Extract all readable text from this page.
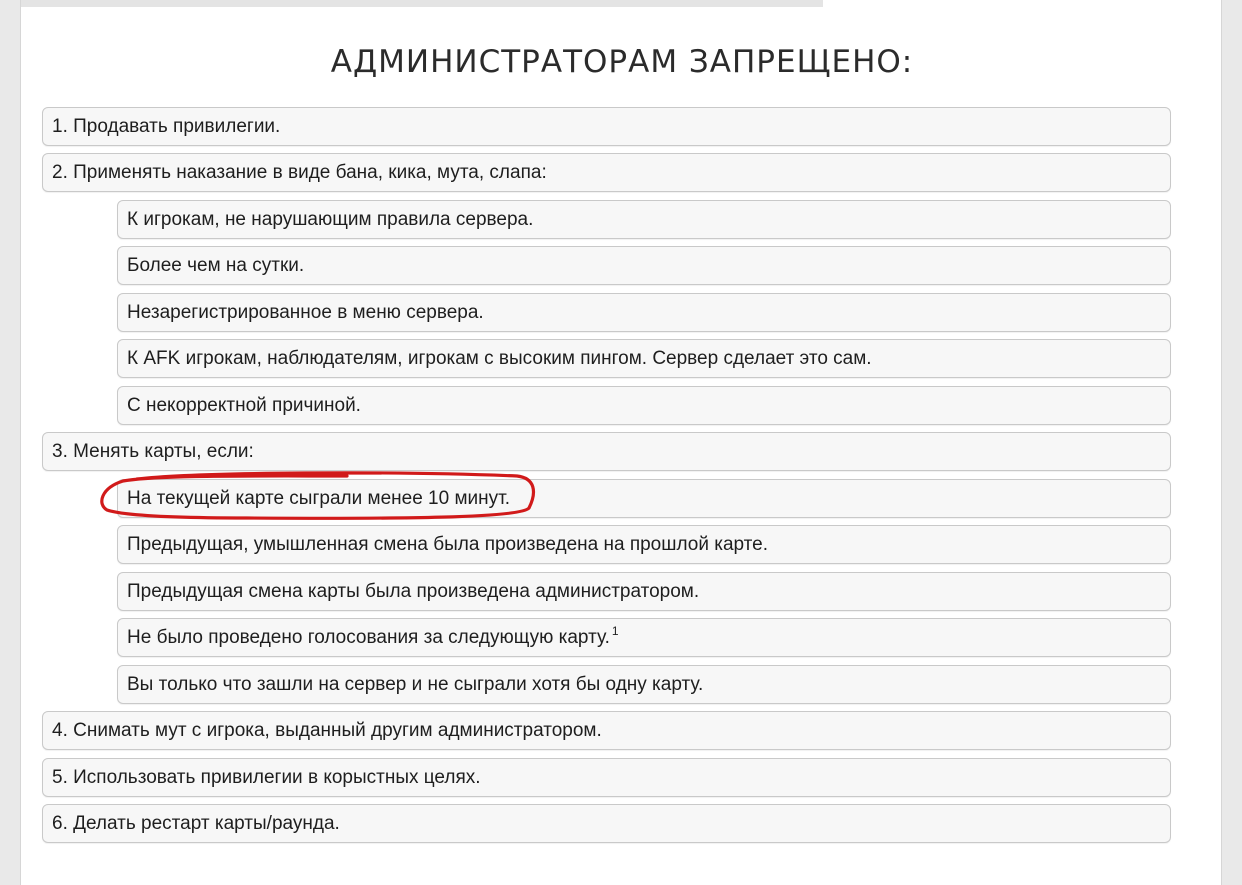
АДМИНИСТРАТОРАМ ЗАПРЕЩЕНО:
1. Продавать привилегии.
2. Применять наказание в виде бана, кика, мута, слапа:
К игрокам, не нарушающим правила сервера.
Более чем на сутки.
Незарегистрированное в меню сервера.
К AFK игрокам, наблюдателям, игрокам с высоким пингом. Сервер сделает это сам.
С некорректной причиной.
3. Менять карты, если:
На текущей карте сыграли менее 10 минут.
Предыдущая, умышленная смена была произведена на прошлой карте.
Предыдущая смена карты была произведена администратором.
Не было проведено голосования за следующую карту. $^1$
Вы только что зашли на сервер и не сыграли хотя бы одну карту.
4. Снимать мут с игрока, выданный другим администратором.
5. Использовать привилегии в корыстных целях.
6. Делать рестарт карты/раунда.
